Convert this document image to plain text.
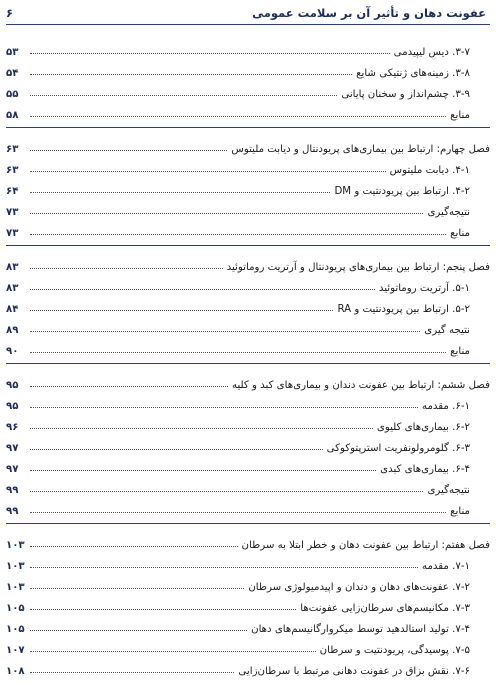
عفونت دهان و تأثیر آن بر سلامت عمومی
۶
۳-۷. دیس لیپیدمی
۵۳
۳-۸. زمینه‌های ژنتیکی شایع
۵۴
۳-۹. چشم‌انداز و سخنان پایانی
۵۵
منابع
۵۸
فصل چهارم: ارتباط بین بیماری‌های پریودنتال و دیابت ملیتوس
۶۳
۴-۱. دیابت ملیتوس
۶۳
۴-۲. ارتباط بین پریودنتیت و DM
۶۴
نتیجه‌گیری
۷۳
منابع
۷۳
فصل پنجم: ارتباط بین بیماری‌های پریودنتال و آرتریت روماتوئید
۸۳
۵-۱. آرتریت روماتوئید
۸۳
۵-۲. ارتباط بین پریودنتیت و RA
۸۴
نتیجه گیری
۸۹
منابع
۹۰
فصل ششم: ارتباط بین عفونت دندان و بیماری‌های کبد و کلیه
۹۵
۶-۱. مقدمه
۹۵
۶-۲. بیماری‌های کلیوی
۹۶
۶-۳. گلومرولونفریت استرپتوکوکی
۹۷
۶-۴. بیماری‌های کبدی
۹۷
نتیجه‌گیری
۹۹
منابع
۹۹
فصل هفتم: ارتباط بین عفونت دهان و خطر ابتلا به سرطان
۱۰۳
۷-۱. مقدمه
۱۰۳
۷-۲. عفونت‌های دهان و دندان و اپیدمیولوژی سرطان
۱۰۳
۷-۳. مکانیسم‌های سرطان‌زایی عفونت‌ها
۱۰۵
۷-۴. تولید استالدهید توسط میکروارگانیسم‌های دهان
۱۰۵
۷-۵. پوسیدگی، پریودنتیت و سرطان
۱۰۷
۷-۶. نقش بزاق در عفونت دهانی مرتبط با سرطان‌زایی
۱۰۸
